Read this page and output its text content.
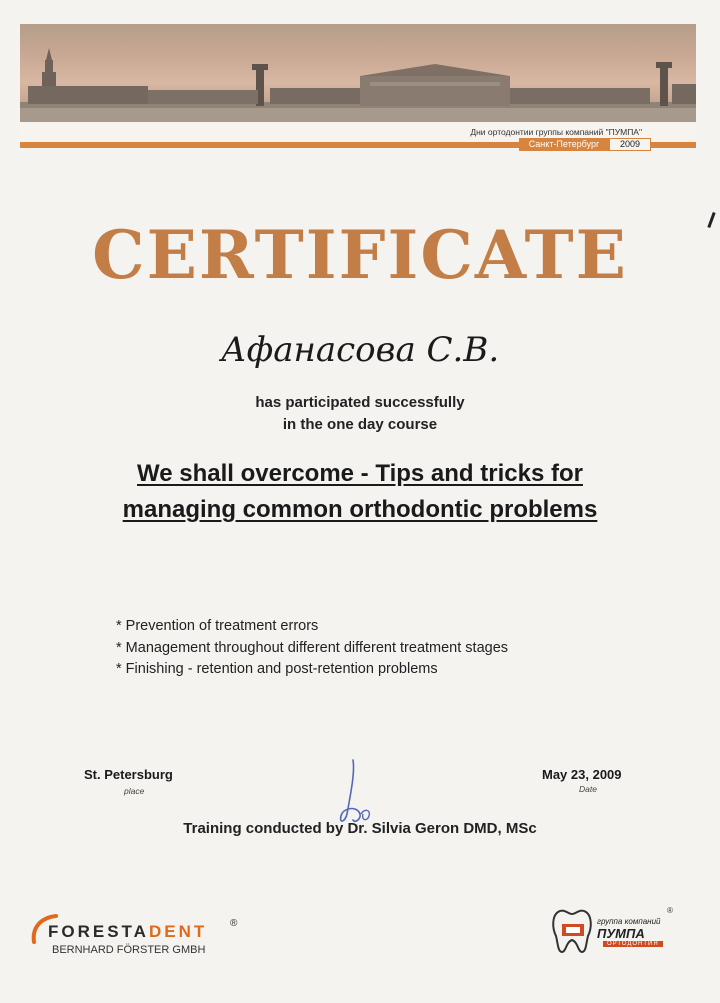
Дни ортодонтии группы компаний "ПУМПА"
Санкт-Петербург	2009
CERTIFICATE
Афанасова С.В.
has participated successfully
in the one day course
We shall overcome - Tips and tricks for
managing common orthodontic problems
* Prevention of treatment errors
* Management throughout different different treatment stages
* Finishing - retention and post-retention problems
St. Petersburg
place
May 23, 2009
Date
Training conducted by Dr. Silvia Geron DMD, MSc
FORESTADENT ®
BERNHARD FÖRSTER GMBH
группа компаний
®
ПУМПА
ОРТОДОНТИЯ
